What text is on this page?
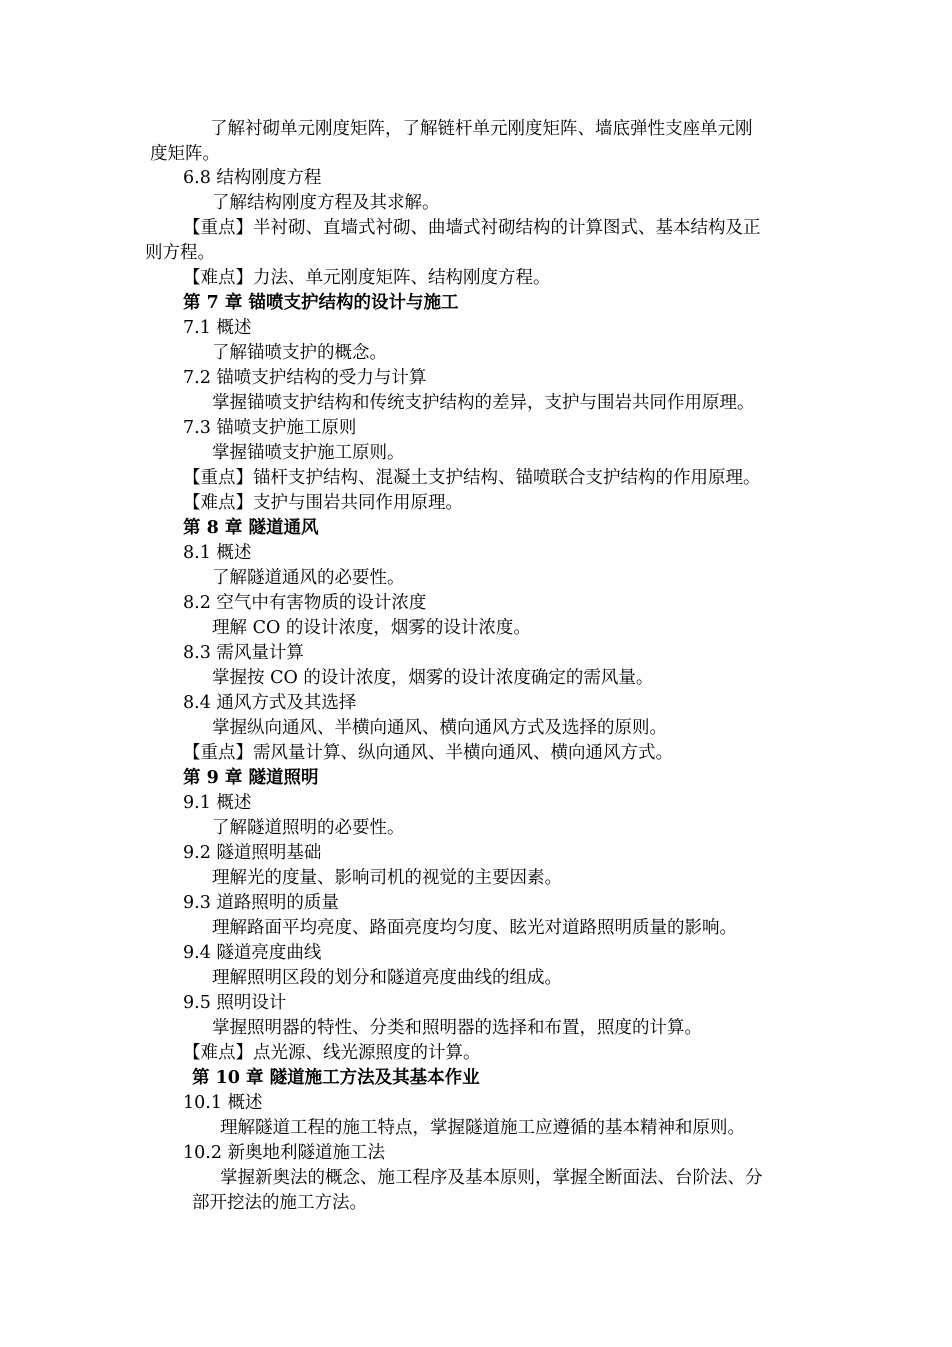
了解衬砌单元刚度矩阵，了解链杆单元刚度矩阵、墙底弹性支座单元刚
度矩阵。
6.8 结构刚度方程
了解结构刚度方程及其求解。
【重点】半衬砌、直墙式衬砌、曲墙式衬砌结构的计算图式、基本结构及正
则方程。
【难点】力法、单元刚度矩阵、结构刚度方程。
第 7 章 锚喷支护结构的设计与施工
7.1 概述
了解锚喷支护的概念。
7.2 锚喷支护结构的受力与计算
掌握锚喷支护结构和传统支护结构的差异，支护与围岩共同作用原理。
7.3 锚喷支护施工原则
掌握锚喷支护施工原则。
【重点】锚杆支护结构、混凝土支护结构、锚喷联合支护结构的作用原理。
【难点】支护与围岩共同作用原理。
第 8 章 隧道通风
8.1 概述
了解隧道通风的必要性。
8.2 空气中有害物质的设计浓度
理解 CO 的设计浓度，烟雾的设计浓度。
8.3 需风量计算
掌握按 CO 的设计浓度，烟雾的设计浓度确定的需风量。
8.4 通风方式及其选择
掌握纵向通风、半横向通风、横向通风方式及选择的原则。
【重点】需风量计算、纵向通风、半横向通风、横向通风方式。
第 9 章 隧道照明
9.1 概述
了解隧道照明的必要性。
9.2 隧道照明基础
理解光的度量、影响司机的视觉的主要因素。
9.3 道路照明的质量
理解路面平均亮度、路面亮度均匀度、眩光对道路照明质量的影响。
9.4 隧道亮度曲线
理解照明区段的划分和隧道亮度曲线的组成。
9.5 照明设计
掌握照明器的特性、分类和照明器的选择和布置，照度的计算。
【难点】点光源、线光源照度的计算。
第 10 章 隧道施工方法及其基本作业
10.1 概述
理解隧道工程的施工特点，掌握隧道施工应遵循的基本精神和原则。
10.2 新奥地利隧道施工法
掌握新奥法的概念、施工程序及基本原则，掌握全断面法、台阶法、分
部开挖法的施工方法。
